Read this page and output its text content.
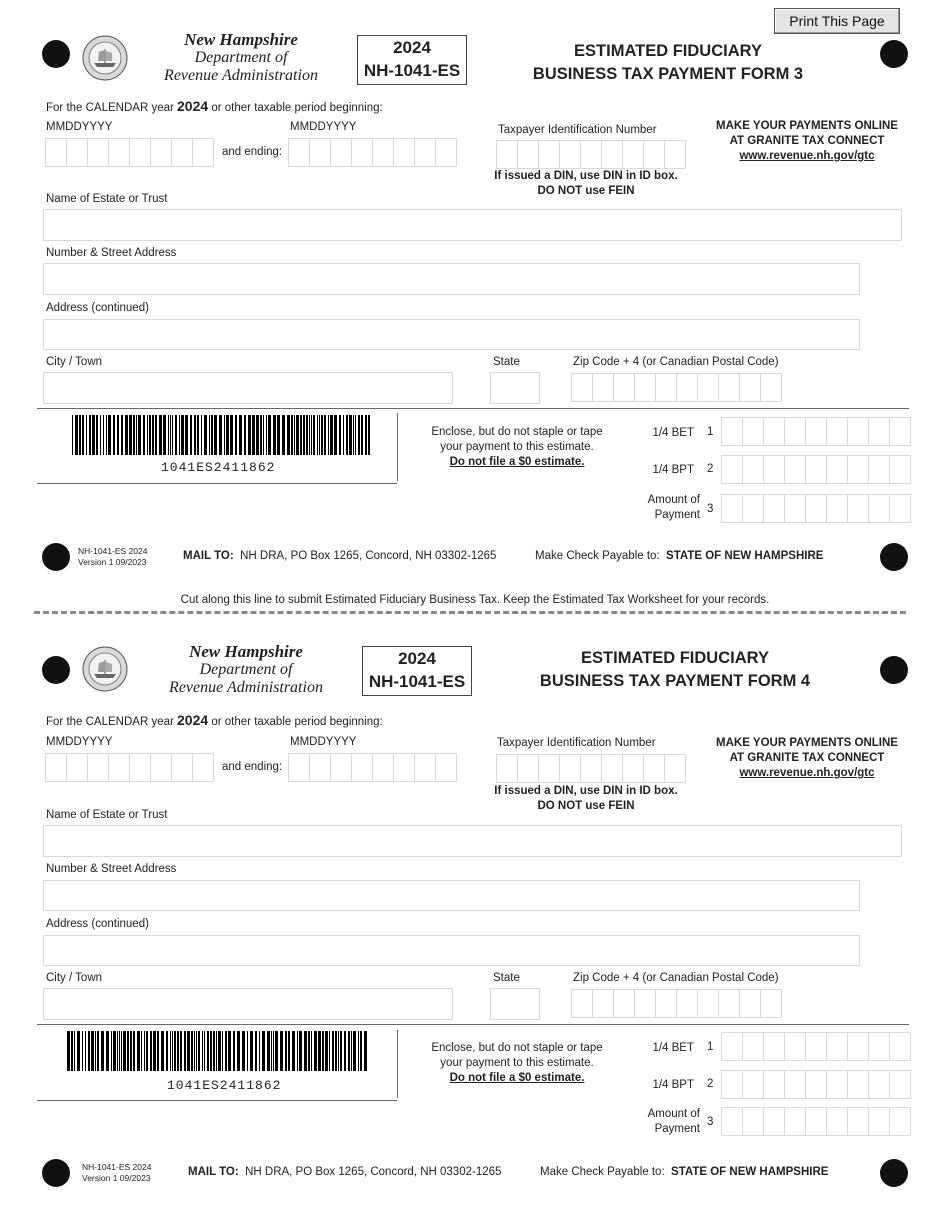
Print This Page
New Hampshire
Department of
Revenue Administration
2024
NH-1041-ES
ESTIMATED FIDUCIARY
BUSINESS TAX PAYMENT FORM 3
For the CALENDAR year 2024 or other taxable period beginning:
MMDDYYYY
and ending:
MMDDYYYY	Taxpayer Identification Number
If issued a DIN, use DIN in ID box.
DO NOT use FEIN
MAKE YOUR PAYMENTS ONLINE
AT GRANITE TAX CONNECT
www.revenue.nh.gov/gtc
Name of Estate or Trust
Number & Street Address
Address (continued)
City / Town	State	Zip Code + 4 (or Canadian Postal Code)
1041ES2411862
Enclose, but do not staple or tape
your payment to this estimate.
Do not file a $0 estimate.
1/4 BET 1
1/4 BPT 2
Amount of
Payment 3
NH-1041-ES 2024
Version 1 09/2023	MAIL TO: NH DRA, PO Box 1265, Concord, NH 03302-1265	Make Check Payable to: STATE OF NEW HAMPSHIRE
Cut along this line to submit Estimated Fiduciary Business Tax. Keep the Estimated Tax Worksheet for your records.
New Hampshire
Department of
Revenue Administration
2024
NH-1041-ES
ESTIMATED FIDUCIARY
BUSINESS TAX PAYMENT FORM 4
For the CALENDAR year 2024 or other taxable period beginning:
MMDDYYYY
and ending:
MMDDYYYY	Taxpayer Identification Number
If issued a DIN, use DIN in ID box.
DO NOT use FEIN
MAKE YOUR PAYMENTS ONLINE
AT GRANITE TAX CONNECT
www.revenue.nh.gov/gtc
Name of Estate or Trust
Number & Street Address
Address (continued)
City / Town	State	Zip Code + 4 (or Canadian Postal Code)
1041ES2411862
Enclose, but do not staple or tape
your payment to this estimate.
Do not file a $0 estimate.
1/4 BET 1
1/4 BPT 2
Amount of
Payment
3
NH-1041-ES 2024
Version 1 09/2023	MAIL TO: NH DRA, PO Box 1265, Concord, NH 03302-1265	Make Check Payable to: STATE OF NEW HAMPSHIRE
